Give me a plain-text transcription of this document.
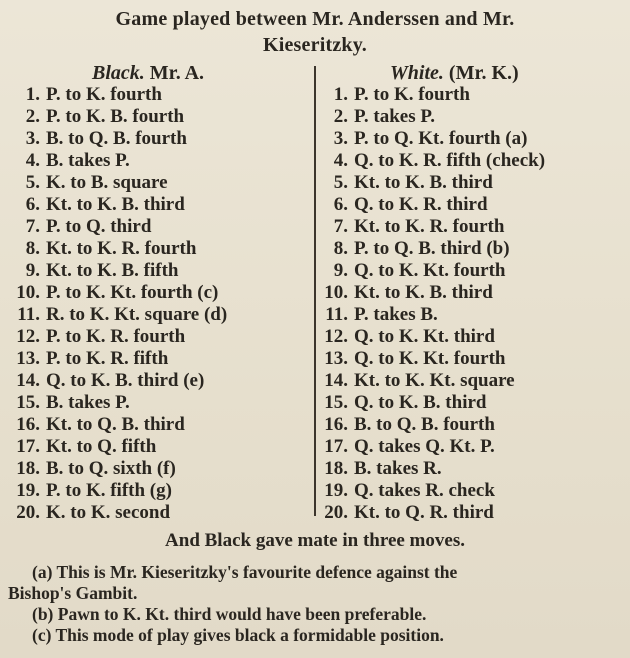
Game played between Mr. Anderssen and Mr.
Kieseritzky.
Black. Mr. A.	White. (Mr. K.)
1. P. to K. fourth
2. P. to K. B. fourth
3. B. to Q. B. fourth
4. B. takes P.
5. K. to B. square
6. Kt. to K. B. third
7. P. to Q. third
8. Kt. to K. R. fourth
9. Kt. to K. B. fifth
10. P. to K. Kt. fourth (c)
11. R. to K. Kt. square (d)
12. P. to K. R. fourth
13. P. to K. R. fifth
14. Q. to K. B. third (e)
15. B. takes P.
16. Kt. to Q. B. third
17. Kt. to Q. fifth
18. B. to Q. sixth (f)
19. P. to K. fifth (g)
20. K. to K. second
1. P. to K. fourth
2. P. takes P.
3. P. to Q. Kt. fourth (a)
4. Q. to K. R. fifth (check)
5. Kt. to K. B. third
6. Q. to K. R. third
7. Kt. to K. R. fourth
8. P. to Q. B. third (b)
9. Q. to K. Kt. fourth
10. Kt. to K. B. third
11. P. takes B.
12. Q. to K. Kt. third
13. Q. to K. Kt. fourth
14. Kt. to K. Kt. square
15. Q. to K. B. third
16. B. to Q. B. fourth
17. Q. takes Q. Kt. P.
18. B. takes R.
19. Q. takes R. check
20. Kt. to Q. R. third
And Black gave mate in three moves.
(a) This is Mr. Kieseritzky's favourite defence against the
Bishop's Gambit.
(b) Pawn to K. Kt. third would have been preferable.
(c) This mode of play gives black a formidable position.
